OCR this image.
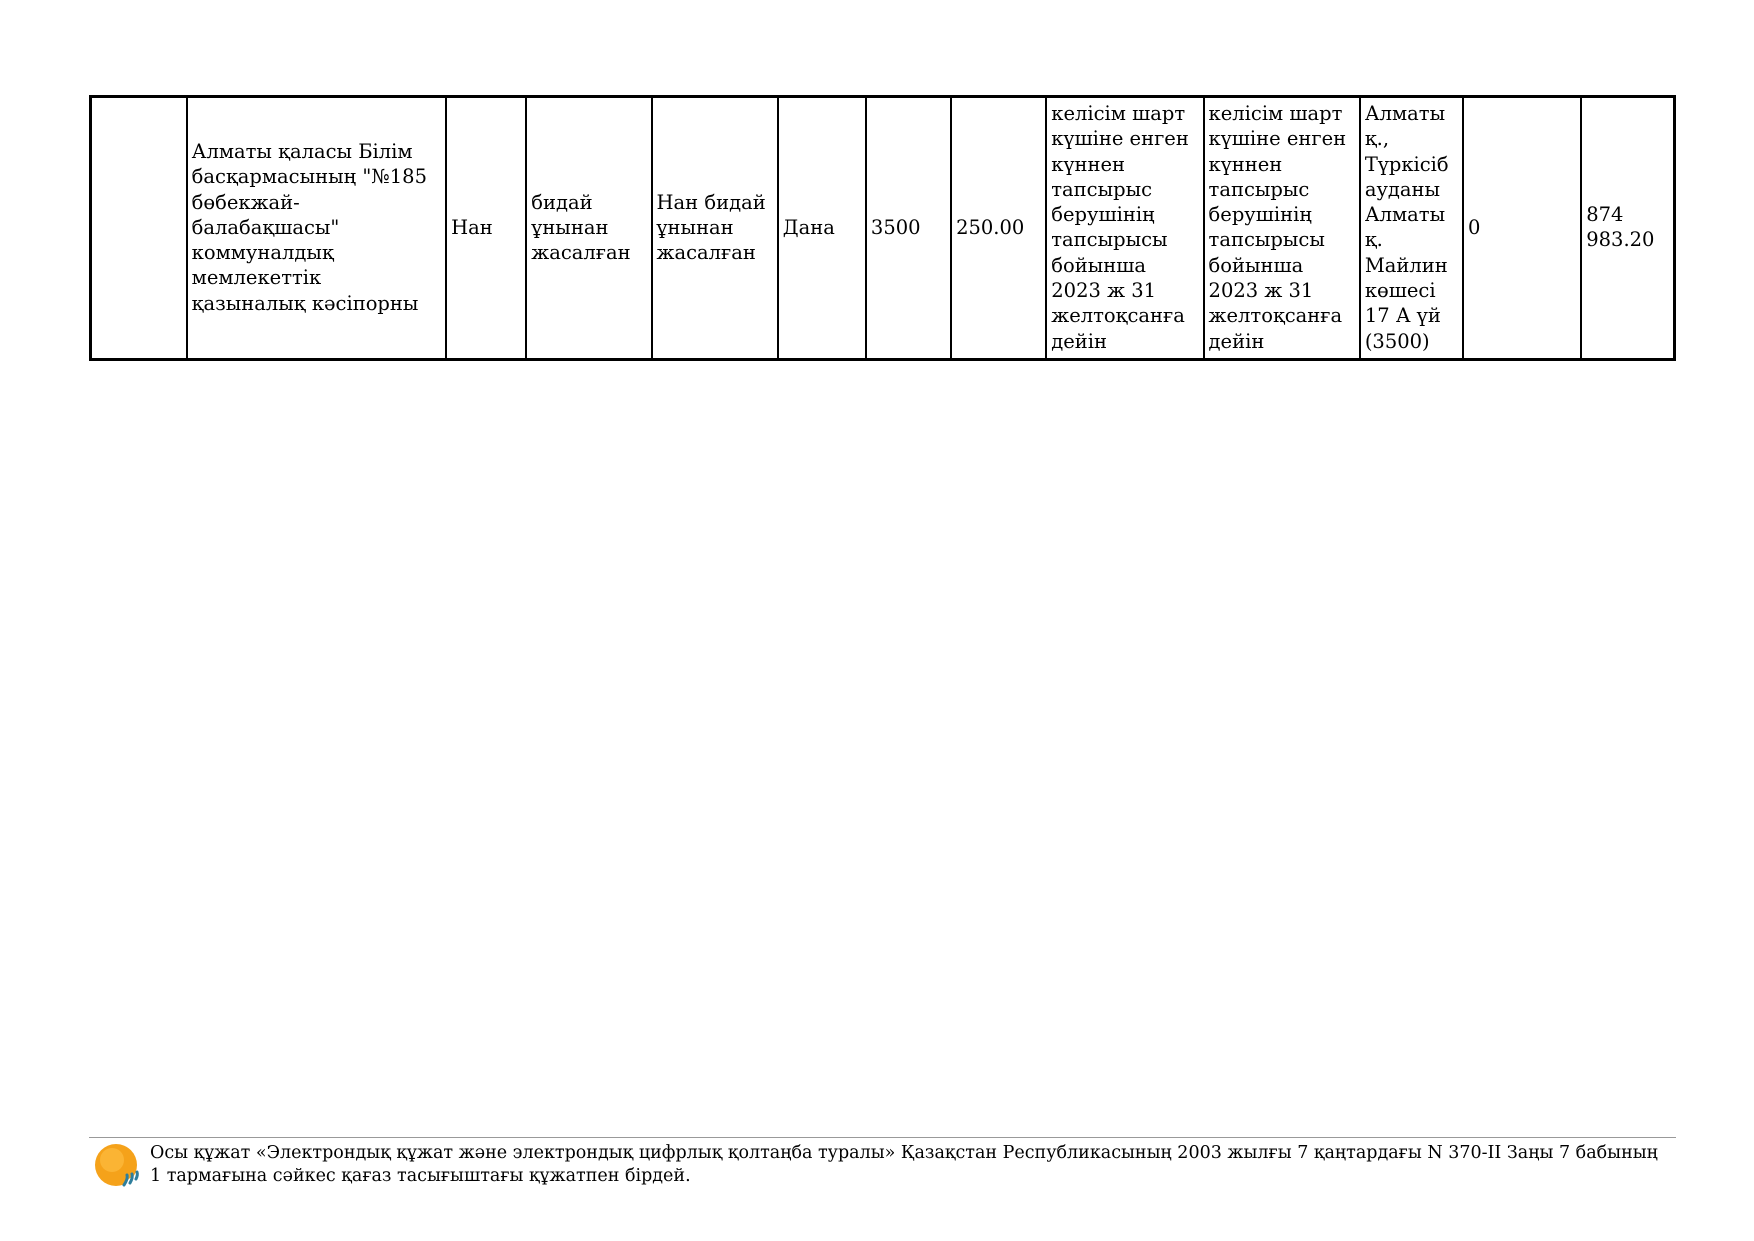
	Алматы қаласы Білім басқармасының "№185 бөбекжай-балабақшасы" коммуналдық мемлекеттік қазыналық кәсіпорны	Нан	бидай ұнынан жасалған	Нан бидай ұнынан жасалған	Дана	3500	250.00	келісім шарт күшіне енген күннен тапсырыс берушінің тапсырысы бойынша 2023 ж 31 желтоқсанға дейін	келісім шарт күшіне енген күннен тапсырыс берушінің тапсырысы бойынша 2023 ж 31 желтоқсанға дейін	Алматы қ., Түркісіб ауданы Алматы қ. Майлин көшесі 17 А үй (3500)	0	874 983.20
Осы құжат «Электрондық құжат және электрондық цифрлық қолтаңба туралы» Қазақстан Республикасының 2003 жылғы 7 қаңтардағы N 370-II Заңы 7 бабының 1 тармағына сәйкес қағаз тасығыштағы құжатпен бірдей.
